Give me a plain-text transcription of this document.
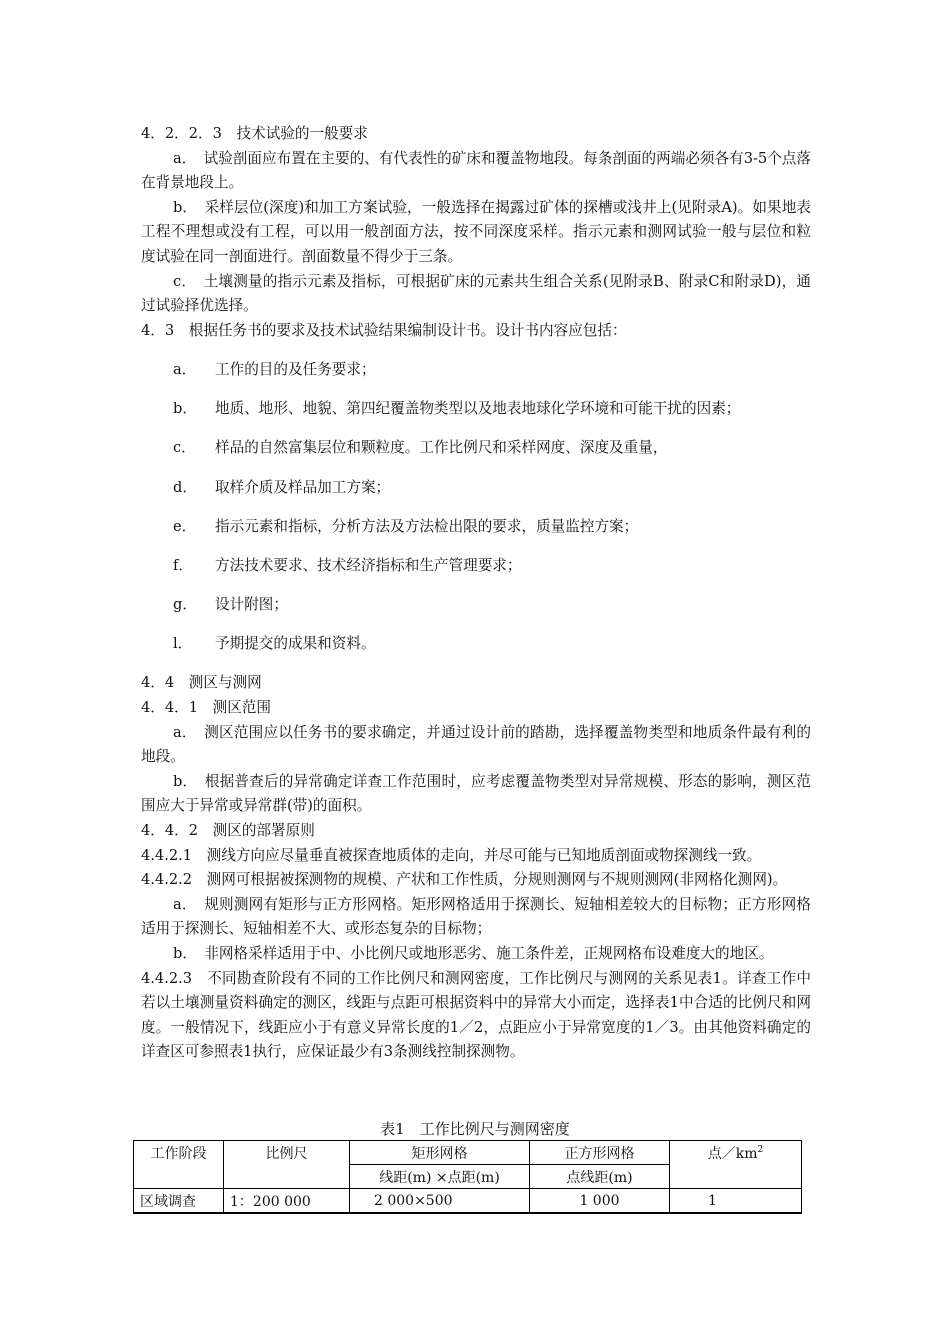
4．2．2．3　技术试验的一般要求

a．　试验剖面应布置在主要的、有代表性的矿床和覆盖物地段。每条剖面的两端必须各有3-5个点落在背景地段上。

b．　采样层位(深度)和加工方案试验，一般选择在揭露过矿体的探槽或浅井上(见附录A)。如果地表工程不理想或没有工程，可以用一般剖面方法，按不同深度采样。指示元素和测网试验一般与层位和粒度试验在同一剖面进行。剖面数量不得少于三条。

c．　土壤测量的指示元素及指标，可根据矿床的元素共生组合关系(见附录B、附录C和附录D)，通过试验择优选择。

4．3　根据任务书的要求及技术试验结果编制设计书。设计书内容应包括：

a． 工作的目的及任务要求；

b． 地质、地形、地貌、第四纪覆盖物类型以及地表地球化学环境和可能干扰的因素；

c． 样品的自然富集层位和颗粒度。工作比例尺和采样网度、深度及重量，

d． 取样介质及样品加工方案；

e． 指示元素和指标，分析方法及方法检出限的要求，质量监控方案；

f． 方法技术要求、技术经济指标和生产管理要求；

g． 设计附图；

l． 予期提交的成果和资料。

4．4　测区与测网

4．4．1　测区范围

a．　测区范围应以任务书的要求确定，并通过设计前的踏勘，选择覆盖物类型和地质条件最有利的地段。

b．　根据普查后的异常确定详查工作范围时，应考虑覆盖物类型对异常规模、形态的影响，测区范围应大于异常或异常群(带)的面积。

4．4．2　测区的部署原则

4.4.2.1　测线方向应尽量垂直被探查地质体的走向，并尽可能与已知地质剖面或物探测线一致。

4.4.2.2　测网可根据被探测物的规模、产状和工作性质，分规则测网与不规则测网(非网格化测网)。

a．　规则测网有矩形与正方形网格。矩形网格适用于探测长、短轴相差较大的目标物；正方形网格适用于探测长、短轴相差不大、或形态复杂的目标物；

b．　非网格采样适用于中、小比例尺或地形恶劣、施工条件差，正规网格布设难度大的地区。

4.4.2.3　不同勘查阶段有不同的工作比例尺和测网密度，工作比例尺与测网的关系见表1。详查工作中若以土壤测量资料确定的测区，线距与点距可根据资料中的异常大小而定，选择表1中合适的比例尺和网度。一般情况下，线距应小于有意义异常长度的1／2，点距应小于异常宽度的1／3。由其他资料确定的详查区可参照表1执行，应保证最少有3条测线控制探测物。

表1　工作比例尺与测网密度
工作阶段	比例尺	矩形网格	正方形网格	点$/km^2$
		线距(m) ×点距(m)	点线距(m)	
区域调查	1：200 000	2 000×500	1 000	1
